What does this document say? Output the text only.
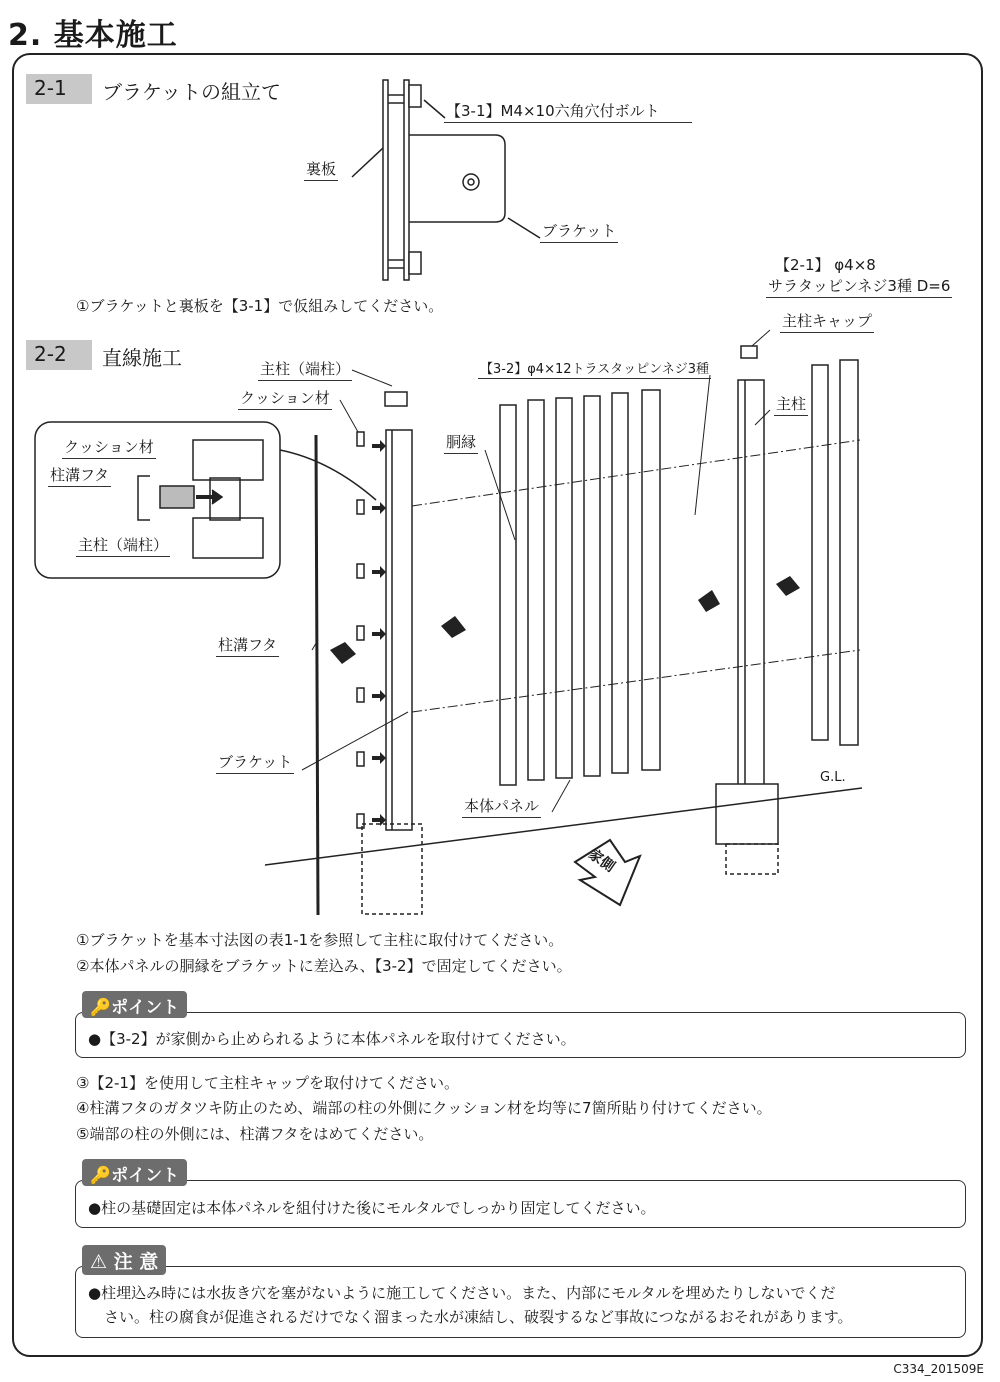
2. 基本施工
2-1	ブラケットの組立て
【3-1】M4×10六角穴付ボルト
裏板
ブラケット
①ブラケットと裏板を【3-1】で仮組みしてください。
2-2	直線施工
【2-1】 φ4×8
サラタッピンネジ3種 D=6
主柱キャップ
主柱（端柱）
クッション材
【3-2】φ4×12トラスタッピンネジ3種
主柱
胴縁
柱溝フタ
ブラケット
本体パネル
G.L.
家側
クッション材
柱溝フタ
主柱（端柱）
①ブラケットを基本寸法図の表1-1を参照して主柱に取付けてください。
②本体パネルの胴縁をブラケットに差込み、【3-2】で固定してください。
🔑ポイント
●【3-2】が家側から止められるように本体パネルを取付けてください。
③【2-1】を使用して主柱キャップを取付けてください。
④柱溝フタのガタツキ防止のため、端部の柱の外側にクッション材を均等に7箇所貼り付けてください。
⑤端部の柱の外側には、柱溝フタをはめてください。
🔑ポイント
●柱の基礎固定は本体パネルを組付けた後にモルタルでしっかり固定してください。
⚠ 注 意
●柱埋込み時には水抜き穴を塞がないように施工してください。また、内部にモルタルを埋めたりしないでくだ
さい。柱の腐食が促進されるだけでなく溜まった水が凍結し、破裂するなど事故につながるおそれがあります。
C334_201509E
